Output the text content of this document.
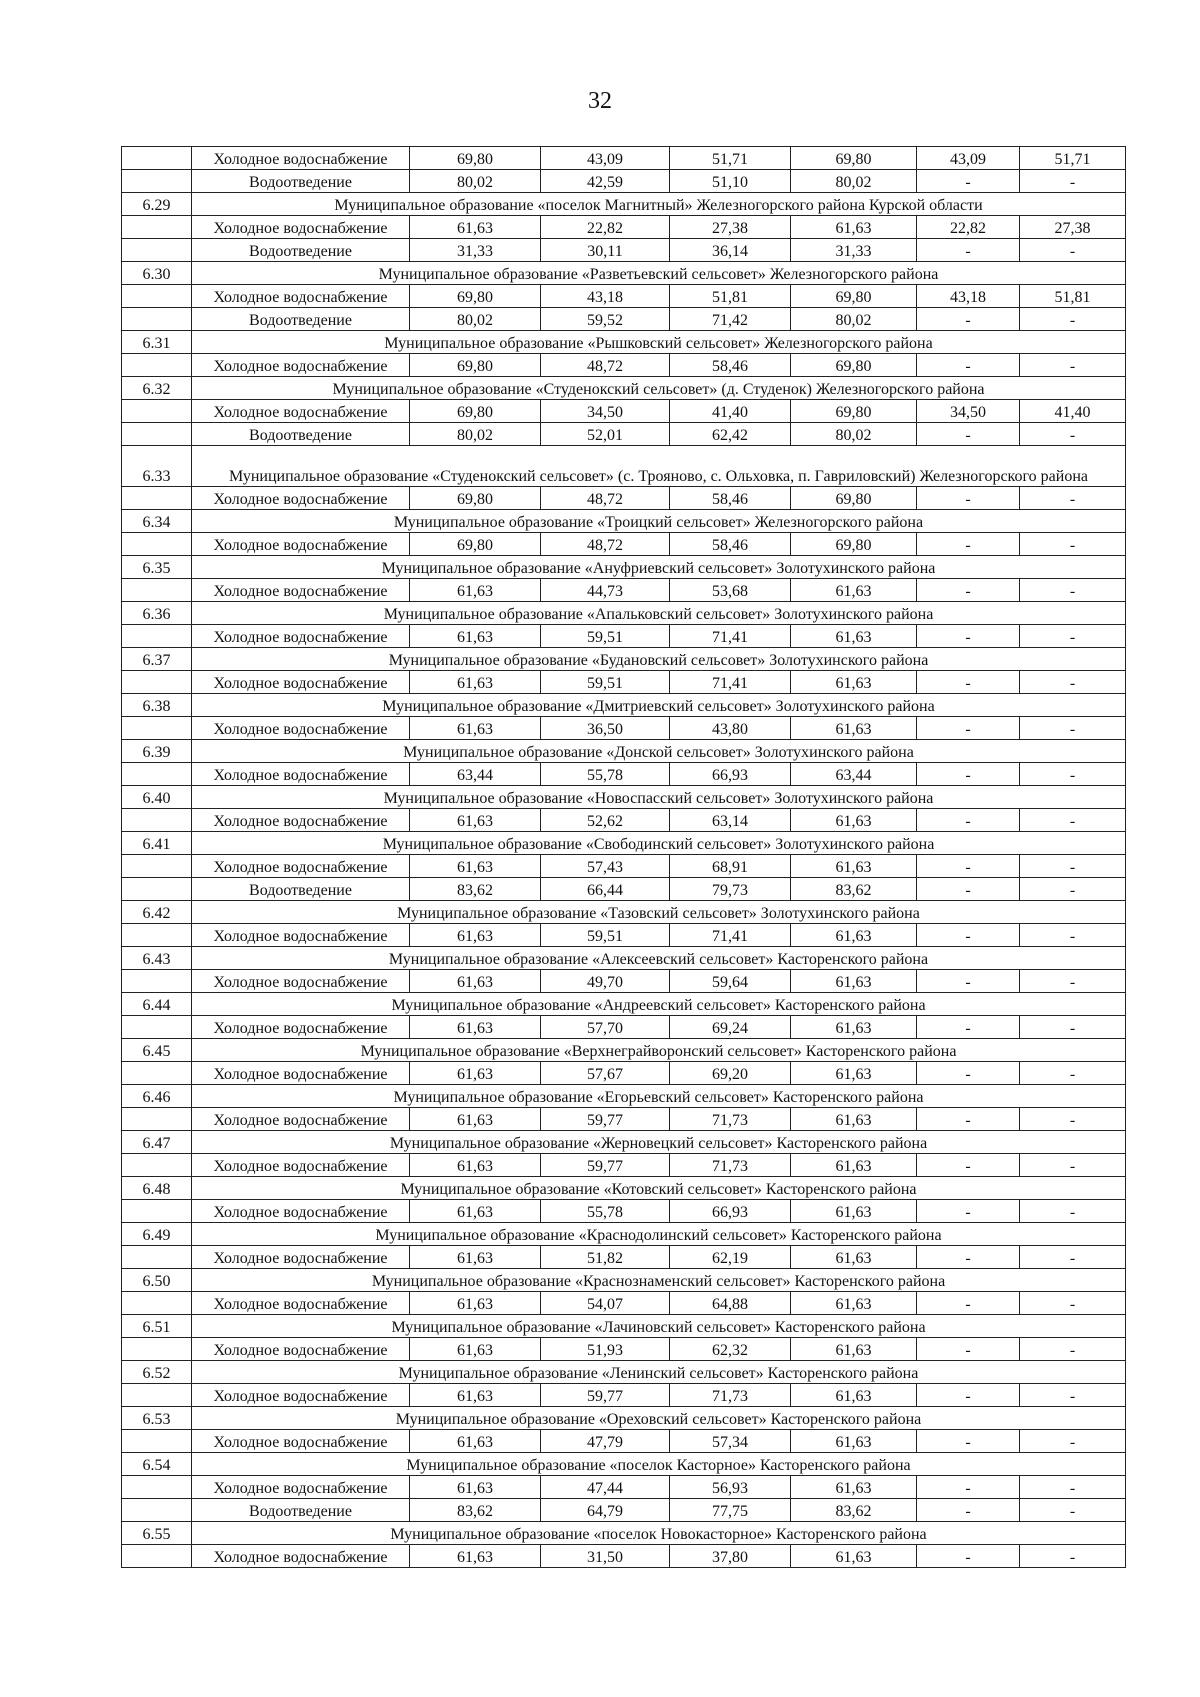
32
	Холодное водоснабжение	69,80	43,09	51,71	69,80	43,09	51,71
	Водоотведение	80,02	42,59	51,10	80,02	-	-
6.29	Муниципальное образование «поселок Магнитный» Железногорского района Курской области						
	Холодное водоснабжение	61,63	22,82	27,38	61,63	22,82	27,38
	Водоотведение	31,33	30,11	36,14	31,33	-	-
6.30	Муниципальное образование «Разветьевский сельсовет» Железногорского района						
	Холодное водоснабжение	69,80	43,18	51,81	69,80	43,18	51,81
	Водоотведение	80,02	59,52	71,42	80,02	-	-
6.31	Муниципальное образование «Рышковский сельсовет» Железногорского района						
	Холодное водоснабжение	69,80	48,72	58,46	69,80	-	-
6.32	Муниципальное образование «Студенокский сельсовет» (д. Студенок) Железногорского района						
	Холодное водоснабжение	69,80	34,50	41,40	69,80	34,50	41,40
	Водоотведение	80,02	52,01	62,42	80,02	-	-
6.33	Муниципальное образование «Студенокский сельсовет» (с. Трояново, с. Ольховка, п. Гавриловский) Железногорского района						
	Холодное водоснабжение	69,80	48,72	58,46	69,80	-	-
6.34	Муниципальное образование «Троицкий сельсовет» Железногорского района						
	Холодное водоснабжение	69,80	48,72	58,46	69,80	-	-
6.35	Муниципальное образование «Ануфриевский сельсовет» Золотухинского района						
	Холодное водоснабжение	61,63	44,73	53,68	61,63	-	-
6.36	Муниципальное образование «Апальковский сельсовет» Золотухинского района						
	Холодное водоснабжение	61,63	59,51	71,41	61,63	-	-
6.37	Муниципальное образование «Будановский сельсовет» Золотухинского района						
	Холодное водоснабжение	61,63	59,51	71,41	61,63	-	-
6.38	Муниципальное образование «Дмитриевский сельсовет» Золотухинского района						
	Холодное водоснабжение	61,63	36,50	43,80	61,63	-	-
6.39	Муниципальное образование «Донской сельсовет» Золотухинского района						
	Холодное водоснабжение	63,44	55,78	66,93	63,44	-	-
6.40	Муниципальное образование «Новоспасский сельсовет» Золотухинского района						
	Холодное водоснабжение	61,63	52,62	63,14	61,63	-	-
6.41	Муниципальное образование «Свободинский сельсовет» Золотухинского района						
	Холодное водоснабжение	61,63	57,43	68,91	61,63	-	-
	Водоотведение	83,62	66,44	79,73	83,62	-	-
6.42	Муниципальное образование «Тазовский сельсовет» Золотухинского района						
	Холодное водоснабжение	61,63	59,51	71,41	61,63	-	-
6.43	Муниципальное образование «Алексеевский сельсовет» Касторенского района						
	Холодное водоснабжение	61,63	49,70	59,64	61,63	-	-
6.44	Муниципальное образование «Андреевский сельсовет» Касторенского района						
	Холодное водоснабжение	61,63	57,70	69,24	61,63	-	-
6.45	Муниципальное образование «Верхнеграйворонский сельсовет» Касторенского района						
	Холодное водоснабжение	61,63	57,67	69,20	61,63	-	-
6.46	Муниципальное образование «Егорьевский сельсовет» Касторенского района						
	Холодное водоснабжение	61,63	59,77	71,73	61,63	-	-
6.47	Муниципальное образование «Жерновецкий сельсовет» Касторенского района						
	Холодное водоснабжение	61,63	59,77	71,73	61,63	-	-
6.48	Муниципальное образование «Котовский сельсовет» Касторенского района						
	Холодное водоснабжение	61,63	55,78	66,93	61,63	-	-
6.49	Муниципальное образование «Краснодолинский сельсовет» Касторенского района						
	Холодное водоснабжение	61,63	51,82	62,19	61,63	-	-
6.50	Муниципальное образование «Краснознаменский сельсовет» Касторенского района						
	Холодное водоснабжение	61,63	54,07	64,88	61,63	-	-
6.51	Муниципальное образование «Лачиновский сельсовет» Касторенского района						
	Холодное водоснабжение	61,63	51,93	62,32	61,63	-	-
6.52	Муниципальное образование «Ленинский сельсовет» Касторенского района						
	Холодное водоснабжение	61,63	59,77	71,73	61,63	-	-
6.53	Муниципальное образование «Ореховский сельсовет» Касторенского района						
	Холодное водоснабжение	61,63	47,79	57,34	61,63	-	-
6.54	Муниципальное образование «поселок Касторное» Касторенского района						
	Холодное водоснабжение	61,63	47,44	56,93	61,63	-	-
	Водоотведение	83,62	64,79	77,75	83,62	-	-
6.55	Муниципальное образование «поселок Новокасторное» Касторенского района						
	Холодное водоснабжение	61,63	31,50	37,80	61,63	-	-
